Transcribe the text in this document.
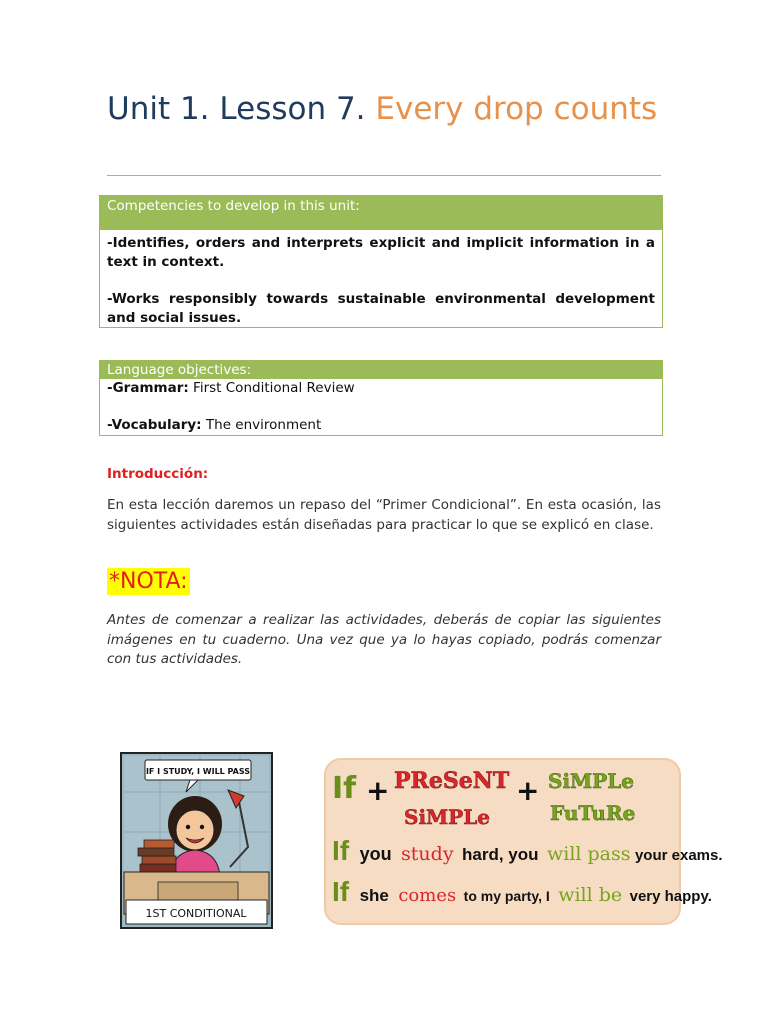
Unit 1. Lesson 7. Every drop counts
Competencies to develop in this unit:

-Identifies, orders and interprets explicit and implicit information in a text in context.

-Works responsibly towards sustainable environmental development and social issues.

Language objectives:

-Grammar: First Conditional Review

-Vocabulary: The environment

Introducción:

En esta lección daremos un repaso del “Primer Condicional”. En esta ocasión, las siguientes actividades están diseñadas para practicar lo que se explicó en clase.

*NOTA:

Antes de comenzar a realizar las actividades, deberás de copiar las siguientes imágenes en tu cuaderno. Una vez que ya lo hayas copiado, podrás comenzar con tus actividades.

IF I STUDY, I WILL PASS
1ST CONDITIONAL
If + PReSeNT
SiMPLe
+ SiMPLe
FuTuRe
If you study hard, you will pass your exams.
If she comes to my party, I will be very happy.
